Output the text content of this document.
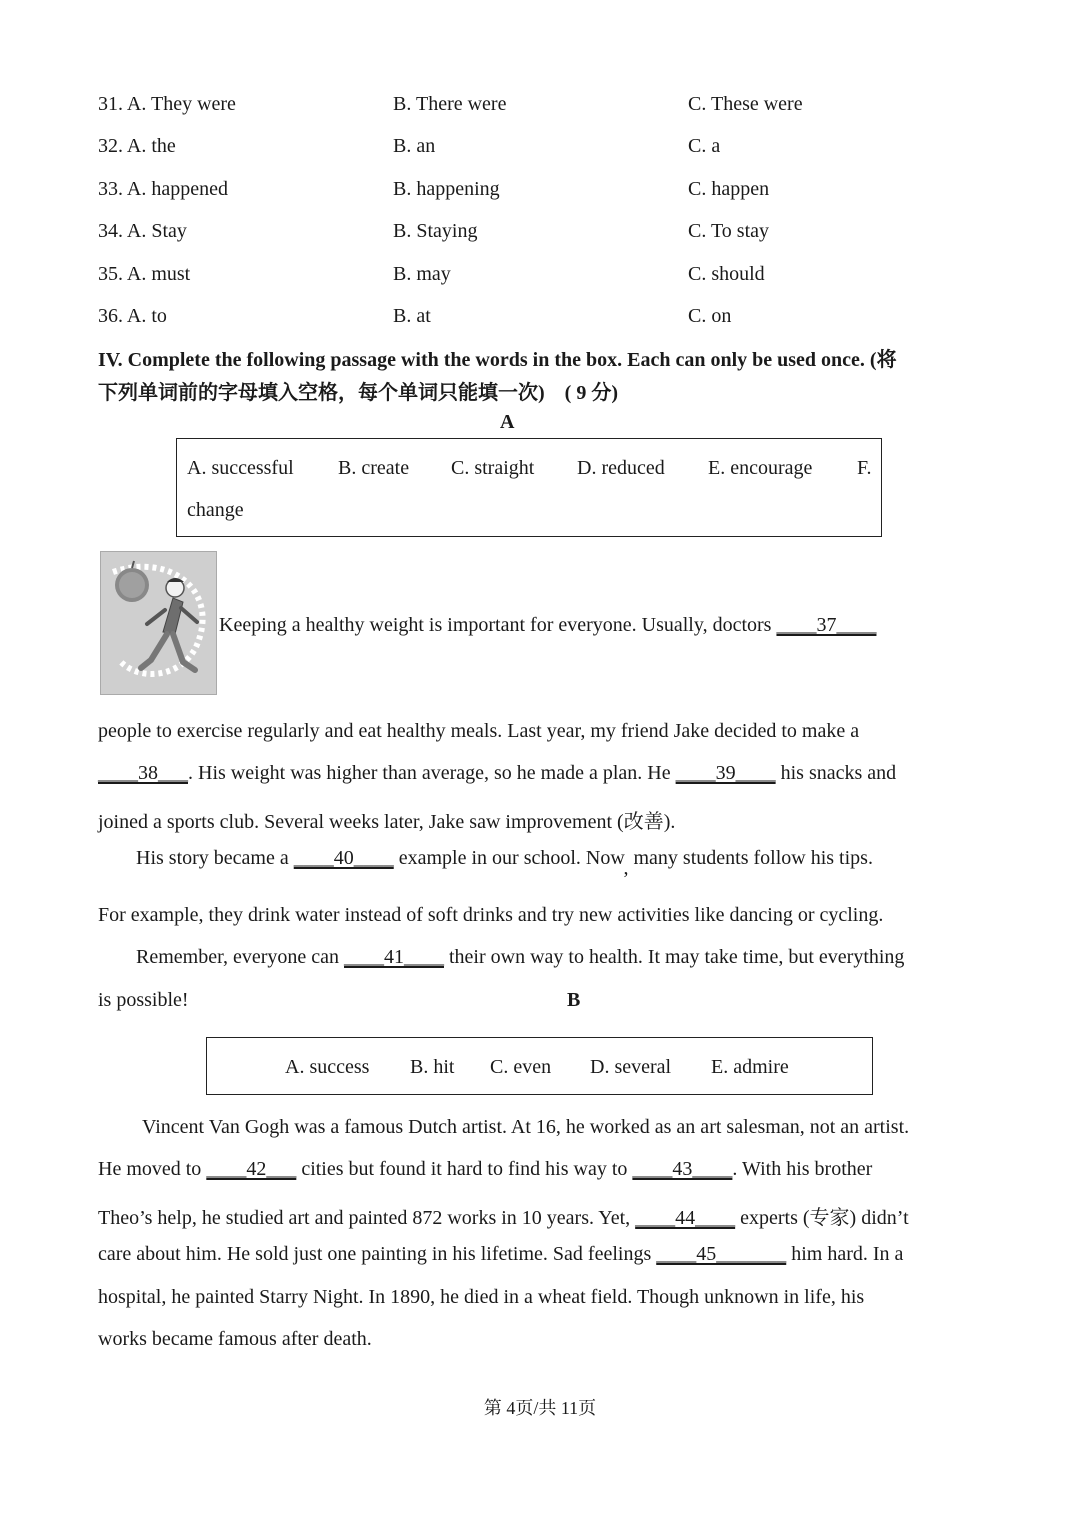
31. A. They were	B. There were	C. These were
32. A. the	B. an	C. a
33. A. happened	B. happening	C. happen
34. A. Stay	B. Staying	C. To stay
35. A. must	B. may	C. should
36. A. to	B. at	C. on
IV. Complete the following passage with the words in the box. Each can only be used once. (将
下列单词前的字母填入空格，每个单词只能填一次)　( 9 分)
A
A. successful B. create C. straight D. reduced E. encourage F.
change
Keeping a healthy weight is important for everyone. Usually, doctors ____37____
people to exercise regularly and eat healthy meals. Last year, my friend Jake decided to make a
____38___. His weight was higher than average, so he made a plan. He ____39____ his snacks and
joined a sports club. Several weeks later, Jake saw improvement (改善).
His story became a ____40____ example in our school. Now, many students follow his tips.
For example, they drink water instead of soft drinks and try new activities like dancing or cycling.
Remember, everyone can ____41____ their own way to health. It may take time, but everything
is possible!	B
A. success B. hit C. even D. several E. admire
Vincent Van Gogh was a famous Dutch artist. At 16, he worked as an art salesman, not an artist.
He moved to ____42___ cities but found it hard to find his way to ____43____. With his brother
Theo’s help, he studied art and painted 872 works in 10 years. Yet, ____44____ experts (专家) didn’t
care about him. He sold just one painting in his lifetime. Sad feelings ____45_______ him hard. In a
hospital, he painted Starry Night. In 1890, he died in a wheat field. Though unknown in life, his
works became famous after death.
第 4页/共 11页
